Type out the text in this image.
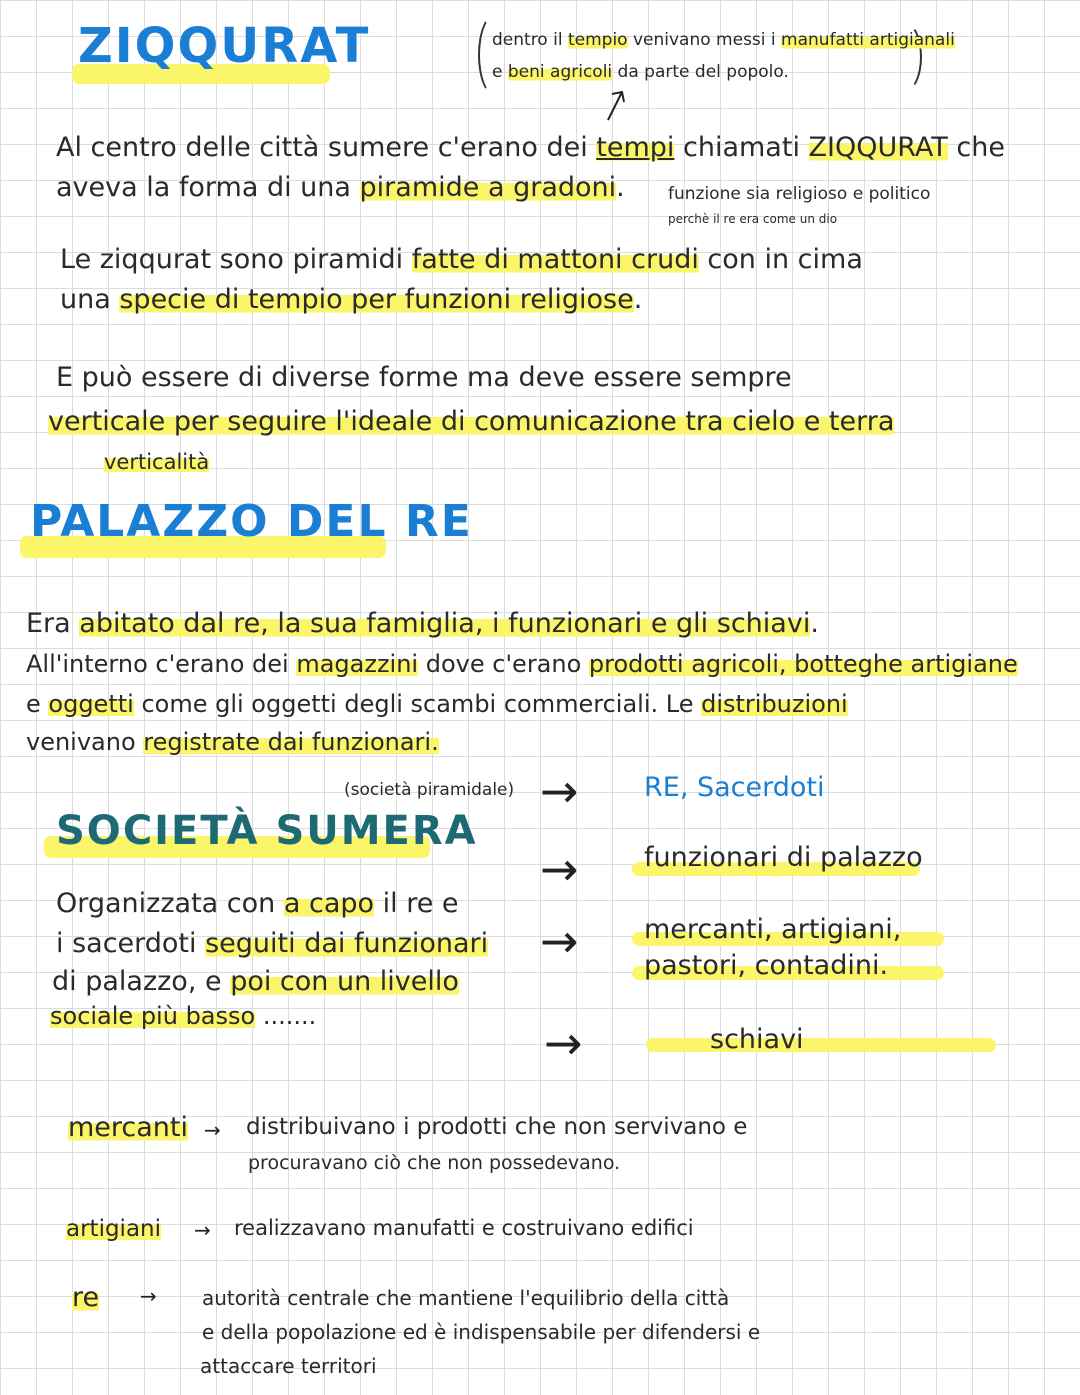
ZIQQURAT	dentro il tempio venivano messi i manufatti artigianali
e beni agricoli da parte del popolo.
Al centro delle città sumere c'erano dei tempi chiamati ZIQQURAT che
aveva la forma di una piramide a gradoni.	funzione sia religioso e politico
perchè il re era come un dio
Le ziqqurat sono piramidi fatte di mattoni crudi con in cima
una specie di tempio per funzioni religiose.
E può essere di diverse forme ma deve essere sempre
verticale per seguire l'ideale di comunicazione tra cielo e terra
verticalità
PALAZZO DEL RE
Era abitato dal re, la sua famiglia, i funzionari e gli schiavi.
All'interno c'erano dei magazzini dove c'erano prodotti agricoli, botteghe artigiane
e oggetti come gli oggetti degli scambi commerciali. Le distribuzioni
venivano registrate dai funzionari.
(società piramidale)
SOCIETÀ SUMERA
Organizzata con a capo il re e
i sacerdoti seguiti dai funzionari
di palazzo, e poi con un livello
sociale più basso .......
→
→
→
→
RE, Sacerdoti
funzionari di palazzo
mercanti, artigiani,
pastori, contadini.
schiavi
mercanti → distribuivano i prodotti che non servivano e
procuravano ciò che non possedevano.
artigiani → realizzavano manufatti e costruivano edifici
re → autorità centrale che mantiene l'equilibrio della città
e della popolazione ed è indispensabile per difendersi e
attaccare territori
